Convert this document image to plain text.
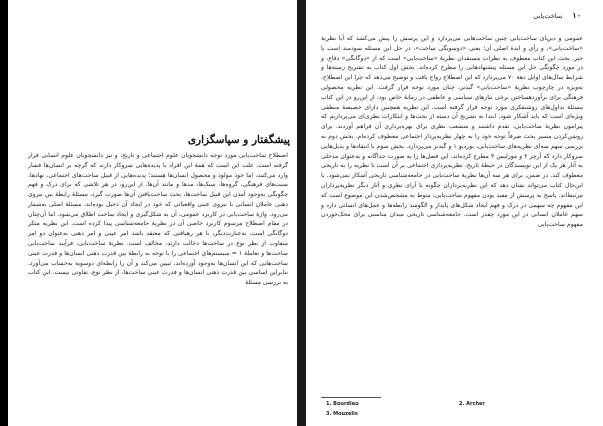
پیشگفتار و سپاسگزاری

اصطلاح ساخت‌یابی مورد توجه دانشجویان علوم اجتماعی و تاریخ، و نیز دانشجویان علوم انسانی قرار گرفته است. علت این است که همهٔ این افراد با پدیده‌هایی سروکار دارند که گرچه بر انسان‌ها فشار وارد می‌کنند، اما خود مولود و محصول انسان‌ها هستند؛ پدیده‌هایی از قبیل ساخت‌های اجتماعی، نهادها، سنت‌های فرهنگی، گروه‌ها، سبک‌ها، مدها و مانند آن‌ها. از این‌رو، در هر تلاشی که برای درک و فهم چگونگی به‌وجود آمدن این قبیل ساخت‌ها، بحث ساخت‌یافتن آن‌ها صورت گیرد، مسئلهٔ رابطهٔ بین نیروی ذهنی عاملان انسانی با نیروی عینی واقعیاتی که خود در ایجاد آن دخیل بوده‌اند، مسئلهٔ اصلی به‌شمار می‌رود. واژهٔ ساخت‌یابی در کاربرد عمومی، آن به شکل‌گیری و ایجاد ساخت اطلاق می‌شود. اما آن‌چنان در مقام اصطلاح مرسوم کاربرد خاصی آن در نظریهٔ جامعه‌شناسی پیدا کرده است. این نظریه منکر دوگانگی است، به‌عبارت‌دیگر، با هر رهیافتی که معتقد باشد امر عینی و امر ذهنی به‌عنوان دو امر متفاوت از نظر نوع در ساخت‌ها دخالت دارند، مخالف است. نظریهٔ ساخت‌یابی، فرآیند ساخت‌یابی ساخت‌ها و تعاملهٔ ۱ = سیستم‌های اجتماعی را با توجه به رابطهٔ بین قدرت ذهنی انسان‌ها و قدرت عینی ساخت‌هایی که این انسان‌ها به‌وجود آورده‌اند، تبیین می‌کند و آن را رابطه‌ای دوسویه به‌حساب می‌آورد. بنابراین اساسی بین قدرت ذهنی انسان‌ها و قدرت عینی ساخت‌ها، از نظر نوع، تفاوتی نیست. این کتاب به بررسی مسئلهٔ

۱۰ ساخت‌یابی

عمومی و دیرپای ساخت‌یابی چنین ساخت‌هایی می‌پردازد و این پرسش را پیش می‌کشد که آیا نظریهٔ «ساخت‌یابی»، و رأی و ایدهٔ اصلی آن؛ یعنی «دوسویگی ساخت»، در حل این مسئله سودمند است یا خیر. بحث این کتاب معطوف به نظرات مستقدان نظریهٔ «ساخت‌یابی» است که از «دوگانگی» دفاع، و در مورد چگونگی حل این مسئله پیشنهادهایی را مطرح کرده‌اند. بخش اول کتاب به تشریح زمینه‌ها و شرایط سال‌های اوایل دههٔ ۷۰ می‌پردازد که این اصطلاح رواج یافت و توضیح می‌دهد که چرا این اصطلاح، به‌ویژه در چارچوب نظریهٔ «ساخت‌یابی» گیدنز، چنان مورد توجه قرار گرفت. این نظریه محصولی فرهنگی برای برآوردهساختن برخی نیازهای سیاسی و عاطفی در زمانهٔ خاص بود، از این‌رو در این کتاب مسئلهٔ تداول‌های روشنفکری مورد توجه قرار گرفته است. این نظریه همچنین دارای خصیصهٔ منطقی ویژه‌ای است که باید آشکار شود. ابتدا به تشریح آن دسته از بحث‌ها و ابتکارات نظری‌ای می‌پردازیم که پیرامون نظریهٔ ساخت‌یابی، تقدم داشتند و منشعب نظری برای بهره‌برداری آن فراهم آوردند. برای روشن‌کردن مسیر بحث صرفاً توجه خود را به چهار نظریه‌پرداز اجتماعی معطوف کرده‌ام. بخش دوم به بررسی سهم سه‌ای نظریه‌های ساخت‌یابی، بوردیو ۱ و گیدنز می‌پردازد. بخش سوم با انتقادها و بدیل‌هایی سروکار دارد که آرچر ۲ و موزلیس ۳ مطرح کرده‌اند. این فصل‌ها را به صورت جداگانه و به‌عنوان مدخلی به آثار هر یک از این نویسندگان در حیطهٔ تاریخ، نظریه‌پردازی اجتماعی بر آن است تا نظریه را به تاریخی معطوف کند. در ضمن، برای هر سه آن‌ها نظریهٔ ساخت‌یابی در جامعه‌شناسی تاریخی آشکار نمی‌شود. با این‌حال کتاب می‌تواند نشان دهد که این نظریه‌پردازان چگونه با آرای نظری و آثار دیگر نظریه‌پردازان مرتبط‌اند. پاسخ به پرسش از مفید بودن مفهوم ساخت‌یابی، منوط به مشخص‌شدن این موضوع است که این مفهوم چه سهمی در درک و فهم ایجاد شکل‌های پایدار و الگومند رابطه‌ها و عمل‌های انسانی دارد و سهم عاملان انسانی در این مورد چقدر است. جامعه‌شناسی تاریخی میدان مناسبی برای محک‌خوردن مفهوم ساخت‌یابی

1. Bourdieu	2. Archer
3. Mouzelis
